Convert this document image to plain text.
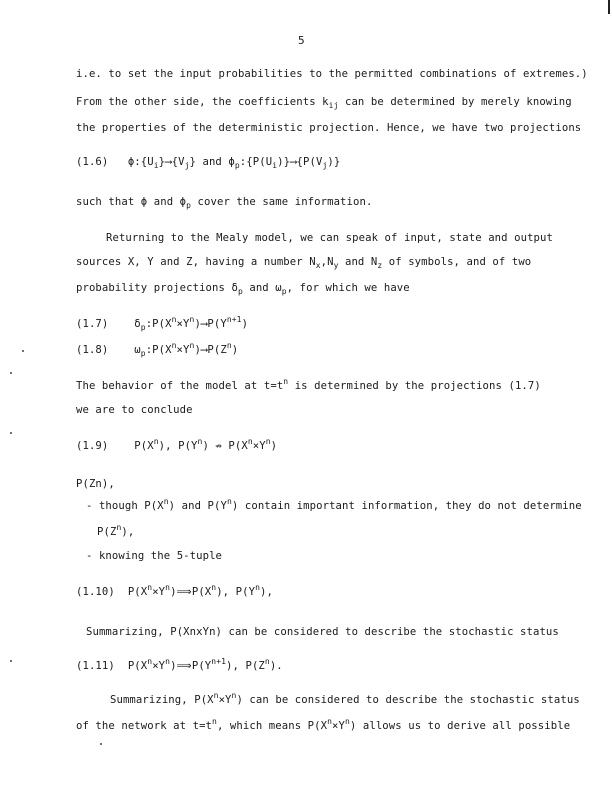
5
i.e. to set the input probabilities to the permitted combinations of extremes.)
From the other side, the coefficients $k_{ij}$ can be determined by merely knowing
the properties of the deterministic projection. Hence, we have two projections
(1.6)   $\phi:\{U_i\}⟶\{V_j\}$ and $\phi_p:\{P(U_i)\}⟶\{P(V_j)\}$
such that ϕ and $\phi_p$ cover the same information.
Returning to the Mealy model, we can speak of input, state and output
sources X, Y and Z, having a number $N_x,N_y$ and $N_z$ of symbols, and of two
probability projections $\delta_p$ and $\omega_p$, for which we have
(1.7)    $\delta_p:P(X^n\times Y^n)⟶P(Y^{n+1})$
(1.8)    $\omega_p:P(X^n\times Y^n)⟶P(Z^n)$
The behavior of the model at $t=t^n$ is determined by the projections (1.7)
we are to conclude
(1.9)    $P(X^n)$, $P(Y^n)$ ⇏ $P(X^n\times Y^n)$
P(Zn),
- though $P(X^n)$ and $P(Y^n)$ contain important information, they do not determine
$P(Z^n)$,
- knowing the 5-tuple
(1.10)  $P(X^n\times Y^n)⟹P(X^n)$, $P(Y^n)$,
Summarizing, P(XnxYn) can be considered to describe the stochastic status
(1.11)  $P(X^n\times Y^n)⟹P(Y^{n+1})$, $P(Z^n)$.
Summarizing, $P(X^n\times Y^n)$ can be considered to describe the stochastic status
of the network at $t=t^n$, which means $P(X^n\times Y^n)$ allows us to derive all possible
